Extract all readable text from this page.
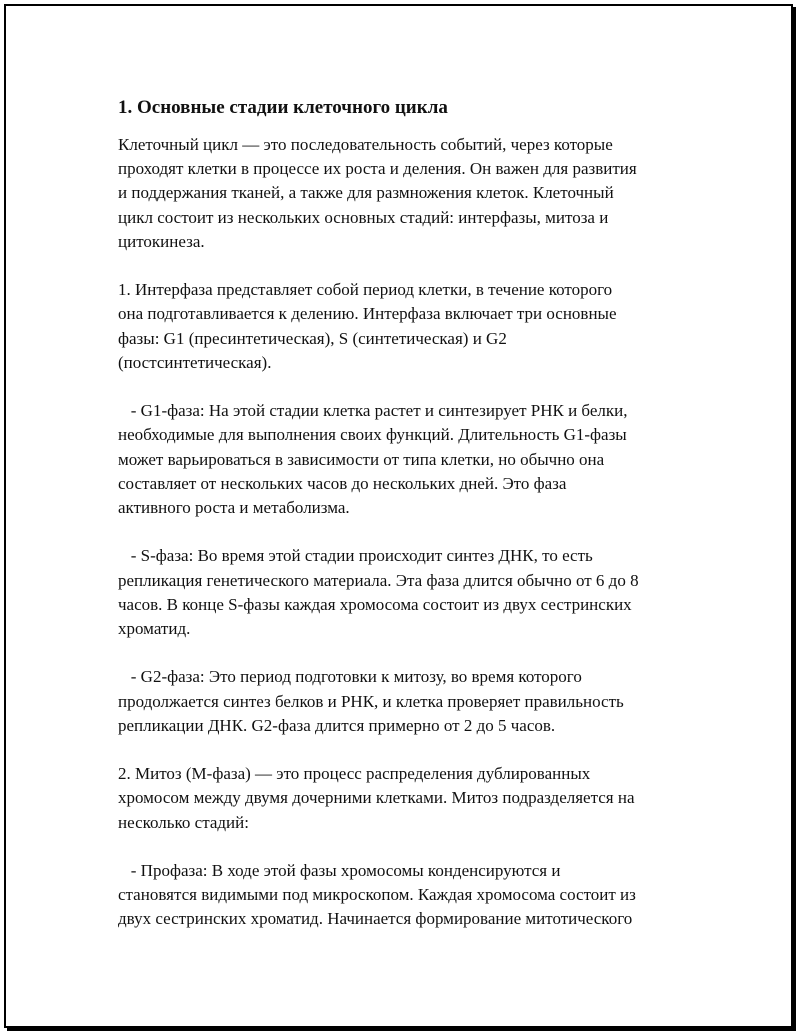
1. Основные стадии клеточного цикла
Клеточный цикл — это последовательность событий, через которые
проходят клетки в процессе их роста и деления. Он важен для развития
и поддержания тканей, а также для размножения клеток. Клеточный
цикл состоит из нескольких основных стадий: интерфазы, митоза и
цитокинеза.
1. Интерфаза представляет собой период клетки, в течение которого
она подготавливается к делению. Интерфаза включает три основные
фазы: G1 (пресинтетическая), S (синтетическая) и G2
(постсинтетическая).
- G1-фаза: На этой стадии клетка растет и синтезирует РНК и белки,
необходимые для выполнения своих функций. Длительность G1-фазы
может варьироваться в зависимости от типа клетки, но обычно она
составляет от нескольких часов до нескольких дней. Это фаза
активного роста и метаболизма.
- S-фаза: Во время этой стадии происходит синтез ДНК, то есть
репликация генетического материала. Эта фаза длится обычно от 6 до 8
часов. В конце S-фазы каждая хромосома состоит из двух сестринских
хроматид.
- G2-фаза: Это период подготовки к митозу, во время которого
продолжается синтез белков и РНК, и клетка проверяет правильность
репликации ДНК. G2-фаза длится примерно от 2 до 5 часов.
2. Митоз (М-фаза) — это процесс распределения дублированных
хромосом между двумя дочерними клетками. Митоз подразделяется на
несколько стадий:
- Профаза: В ходе этой фазы хромосомы конденсируются и
становятся видимыми под микроскопом. Каждая хромосома состоит из
двух сестринских хроматид. Начинается формирование митотического
